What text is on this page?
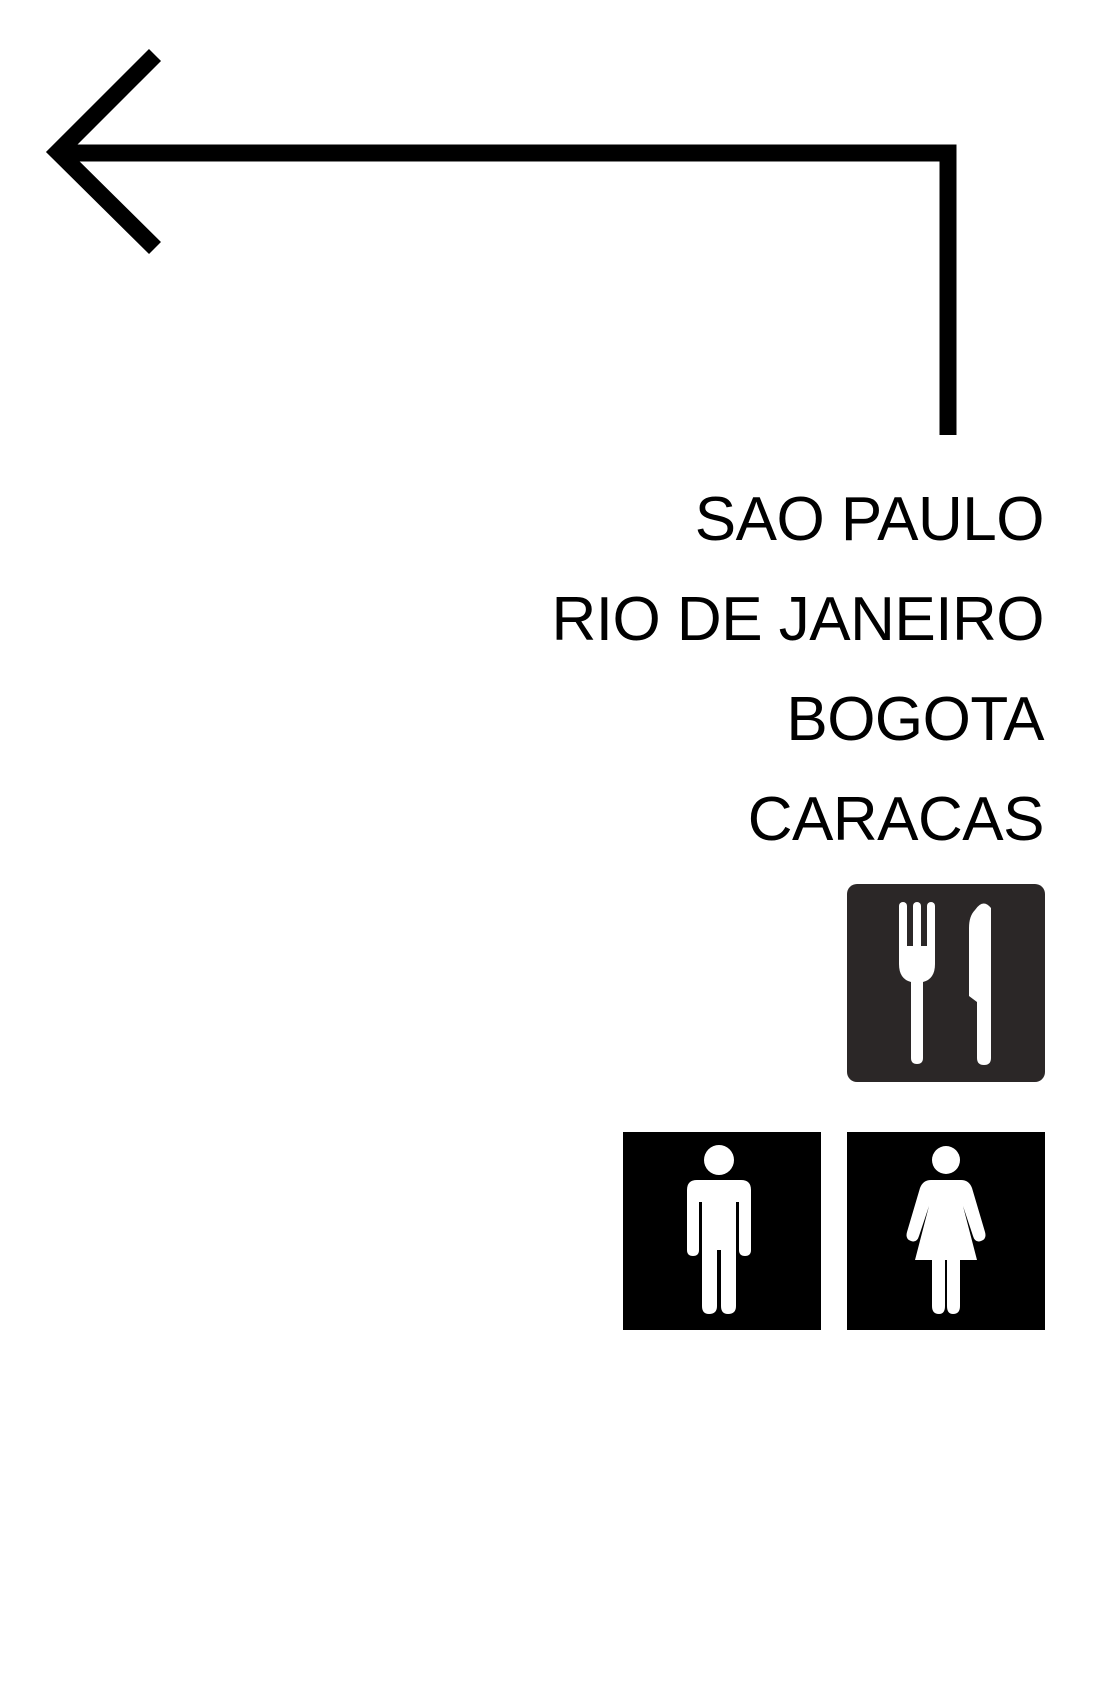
SAO PAULO
RIO DE JANEIRO
BOGOTA
CARACAS
